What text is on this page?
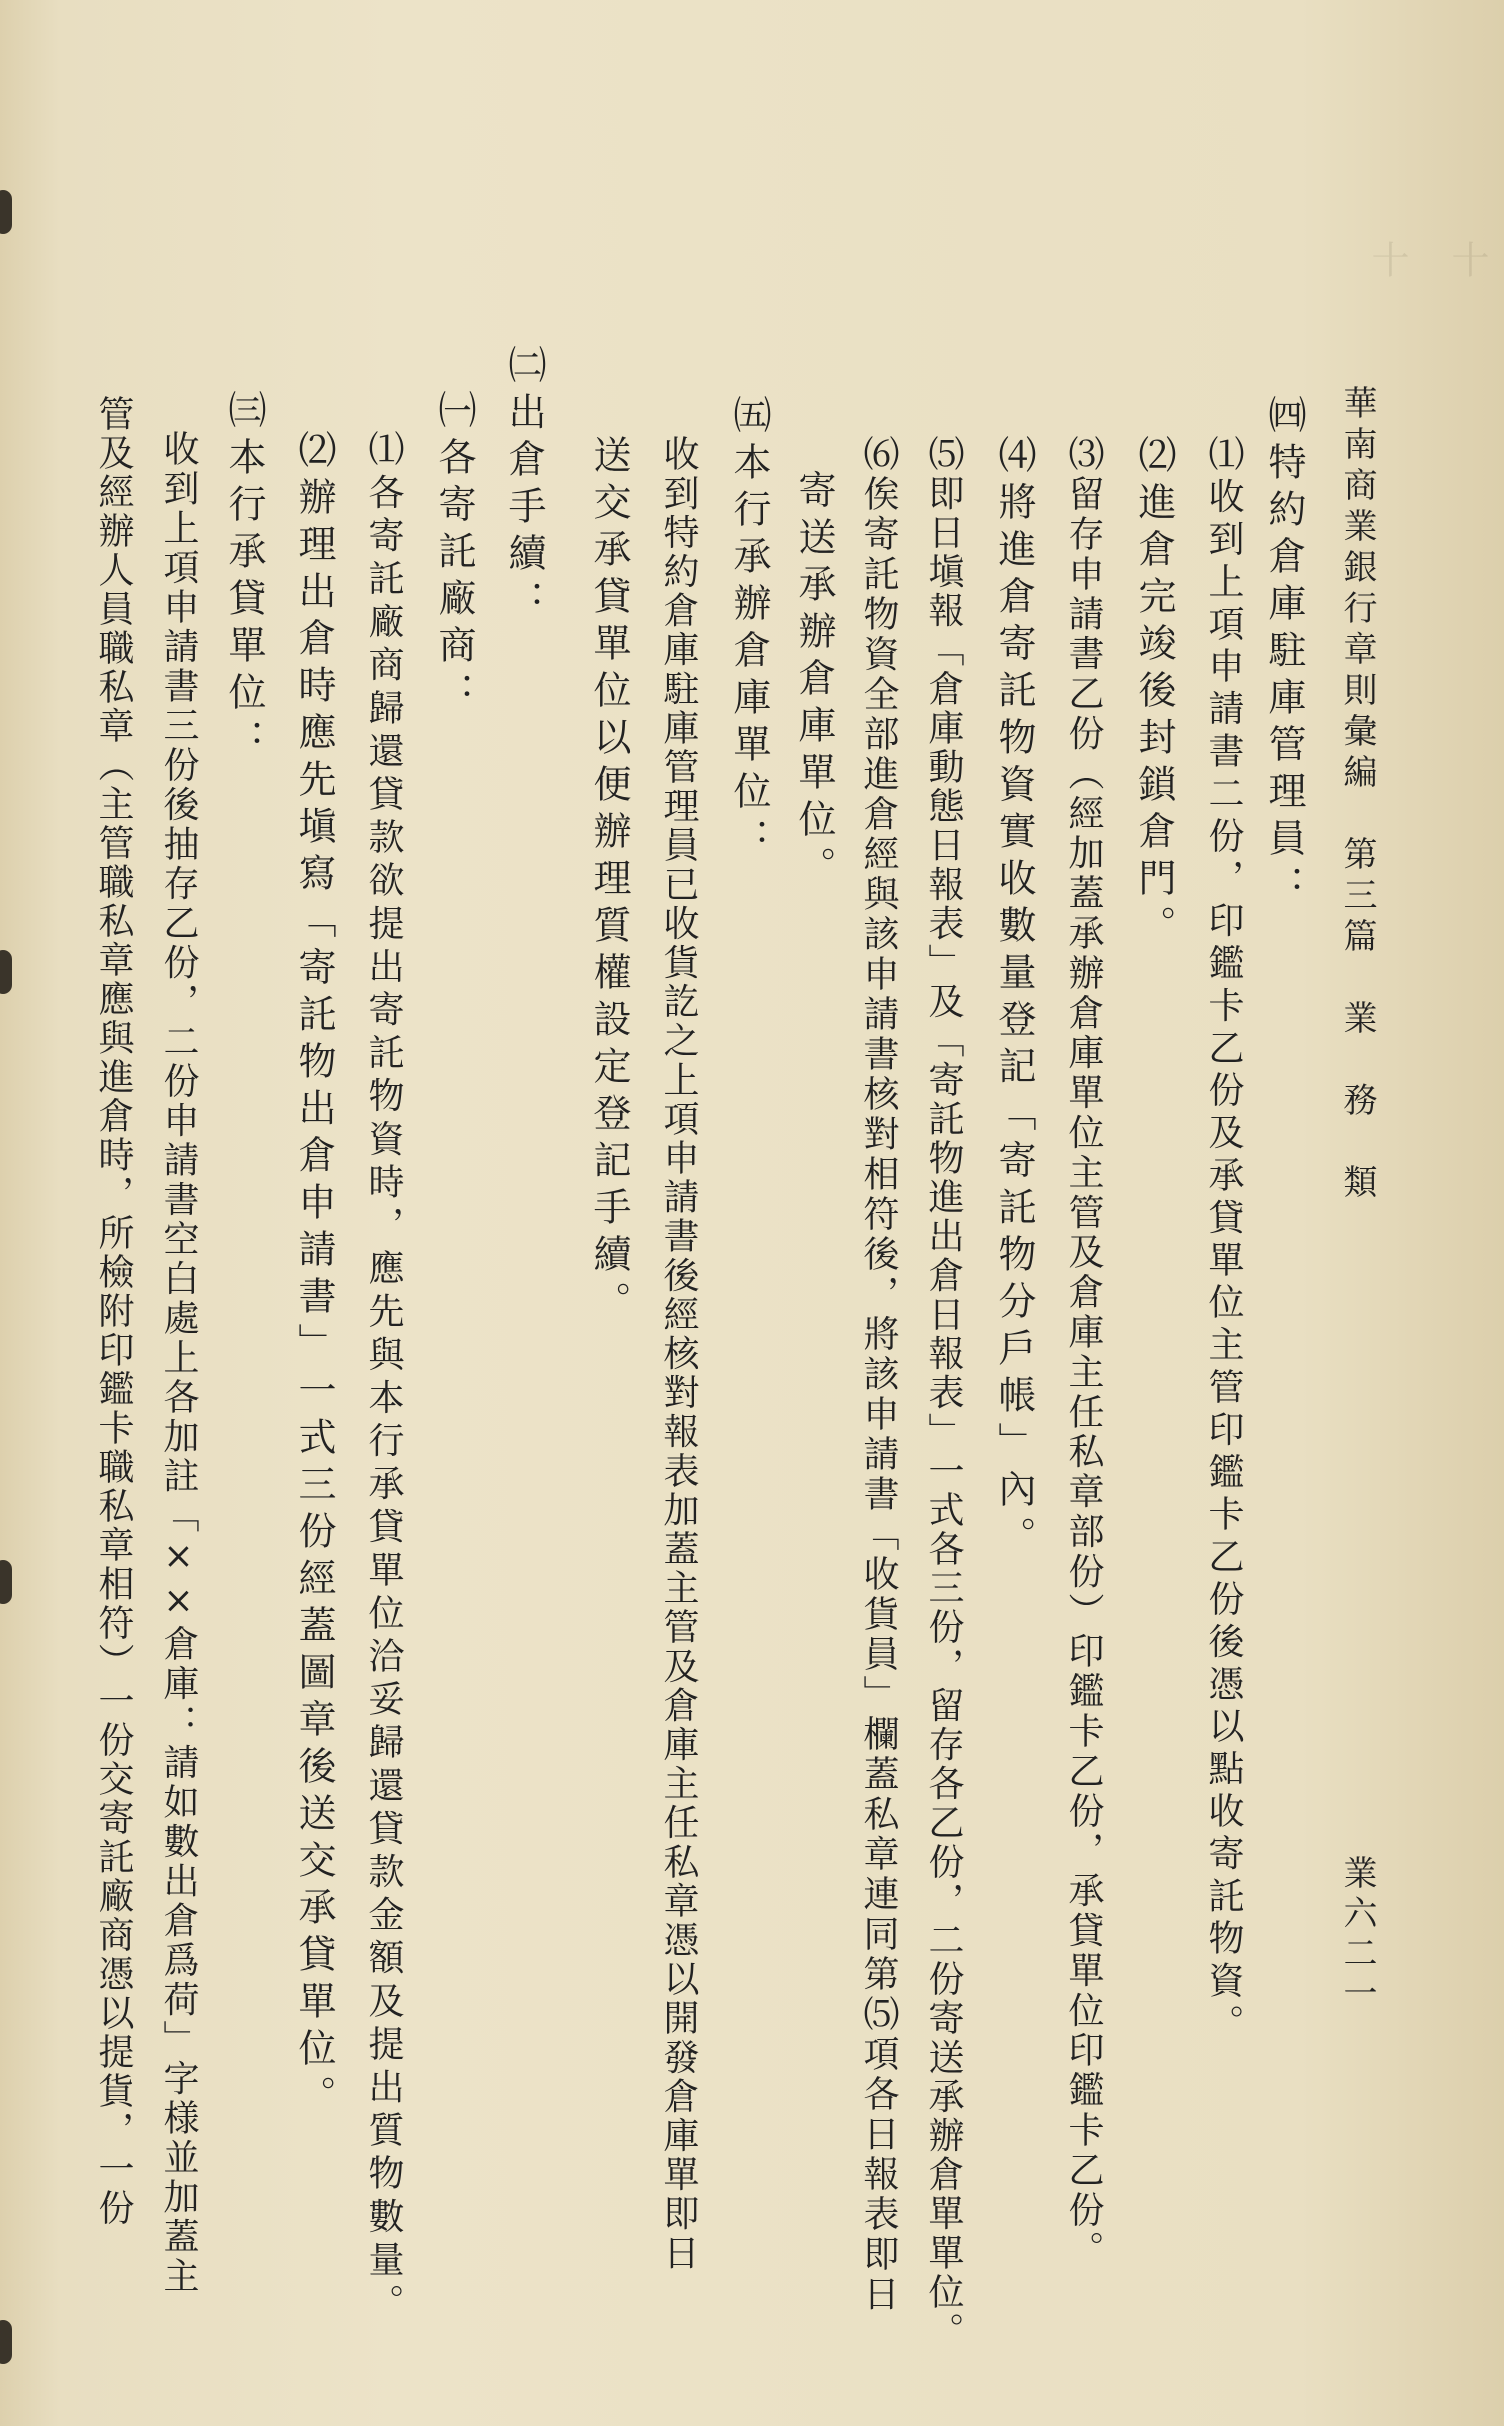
十
十
華南商業銀行章則彙編　第三篇　業　務　類
業六二一
㈣特約倉庫駐庫管理員：
⑴收到上項申請書二份，印鑑卡乙份及承貸單位主管印鑑卡乙份後憑以點收寄託物資。
⑵進倉完竣後封鎖倉門。
⑶留存申請書乙份（經加蓋承辦倉庫單位主管及倉庫主任私章部份）印鑑卡乙份，承貸單位印鑑卡乙份。
⑷將進倉寄託物資實收數量登記「寄託物分戶帳」內。
⑸即日塡報「倉庫動態日報表」及「寄託物進出倉日報表」一式各三份，留存各乙份，二份寄送承辦倉單單位。
⑹俟寄託物資全部進倉經與該申請書核對相符後，將該申請書「收貨員」欄蓋私章連同第⑸項各日報表即日
寄送承辦倉庫單位。
㈤本行承辦倉庫單位：
收到特約倉庫駐庫管理員已收貨訖之上項申請書後經核對報表加蓋主管及倉庫主任私章憑以開發倉庫單即日
送交承貸單位以便辦理質權設定登記手續。
㈡出倉手續：
㈠各寄託廠商：
⑴各寄託廠商歸還貸款欲提出寄託物資時，應先與本行承貸單位洽妥歸還貸款金額及提出質物數量。
⑵辦理出倉時應先塡寫「寄託物出倉申請書」一式三份經蓋圖章後送交承貸單位。
㈢本行承貸單位：
收到上項申請書三份後抽存乙份，二份申請書空白處上各加註「××倉庫：請如數出倉爲荷」字様並加蓋主
管及經辦人員職私章（主管職私章應與進倉時，所檢附印鑑卡職私章相符）一份交寄託廠商憑以提貨，一份
